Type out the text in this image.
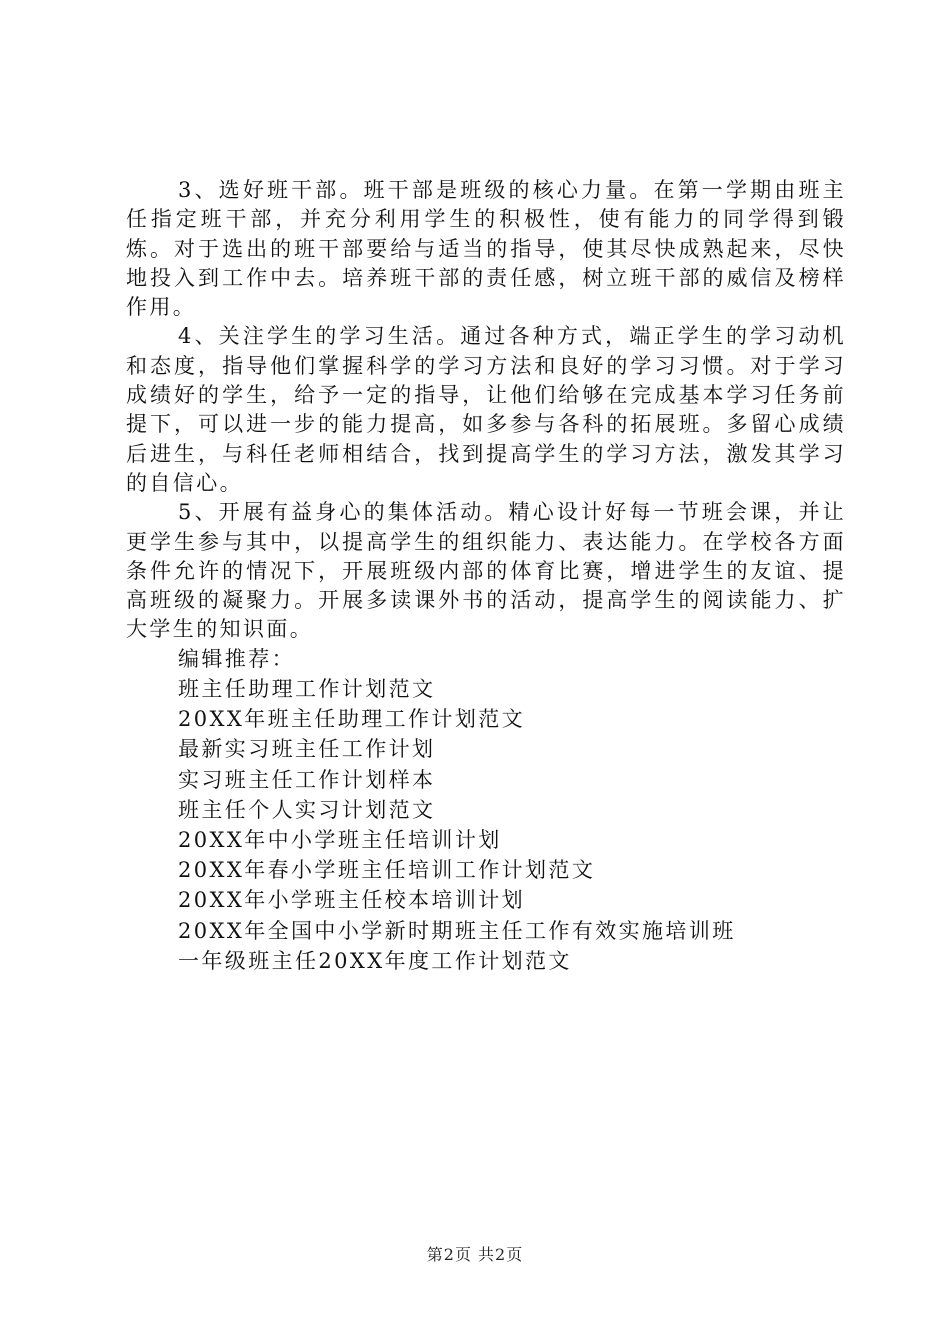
3、选好班干部。班干部是班级的核心力量。在第一学期由班主任指定班干部，并充分利用学生的积极性，使有能力的同学得到锻炼。对于选出的班干部要给与适当的指导，使其尽快成熟起来，尽快地投入到工作中去。培养班干部的责任感，树立班干部的威信及榜样作用。

4、关注学生的学习生活。通过各种方式，端正学生的学习动机和态度，指导他们掌握科学的学习方法和良好的学习习惯。对于学习成绩好的学生，给予一定的指导，让他们给够在完成基本学习任务前提下，可以进一步的能力提高，如多参与各科的拓展班。多留心成绩后进生，与科任老师相结合，找到提高学生的学习方法，激发其学习的自信心。

5、开展有益身心的集体活动。精心设计好每一节班会课，并让更学生参与其中，以提高学生的组织能力、表达能力。在学校各方面条件允许的情况下，开展班级内部的体育比赛，增进学生的友谊、提高班级的凝聚力。开展多读课外书的活动，提高学生的阅读能力、扩大学生的知识面。

编辑推荐：

班主任助理工作计划范文
20XX年班主任助理工作计划范文
最新实习班主任工作计划
实习班主任工作计划样本
班主任个人实习计划范文
20XX年中小学班主任培训计划
20XX年春小学班主任培训工作计划范文
20XX年小学班主任校本培训计划
20XX年全国中小学新时期班主任工作有效实施培训班
一年级班主任20XX年度工作计划范文
第2页 共2页
